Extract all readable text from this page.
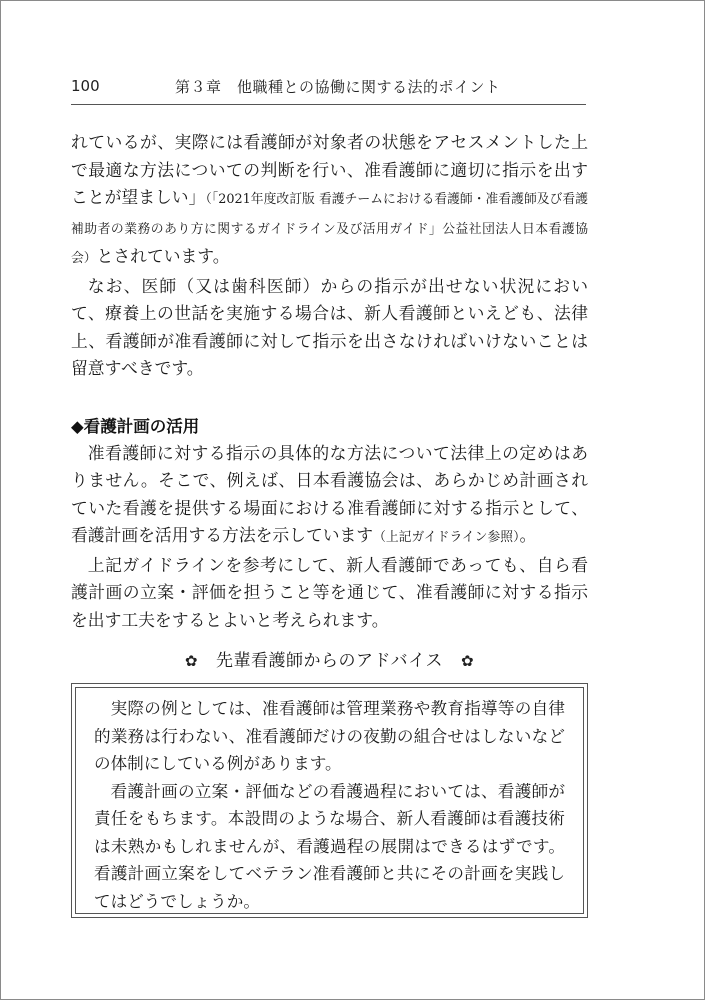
100	第３章　他職種との協働に関する法的ポイント

れているが、実際には看護師が対象者の状態をアセスメントした上で最適な方法についての判断を行い、准看護師に適切に指示を出すことが望ましい」（「2021年度改訂版 看護チームにおける看護師・准看護師及び看護補助者の業務のあり方に関するガイドライン及び活用ガイド」公益社団法人日本看護協会）とされています。

なお、医師（又は歯科医師）からの指示が出せない状況において、療養上の世話を実施する場合は、新人看護師といえども、法律上、看護師が准看護師に対して指示を出さなければいけないことは留意すべきです。

◆看護計画の活用

准看護師に対する指示の具体的な方法について法律上の定めはありません。そこで、例えば、日本看護協会は、あらかじめ計画されていた看護を提供する場面における准看護師に対する指示として、看護計画を活用する方法を示しています（上記ガイドライン参照）。

上記ガイドラインを参考にして、新人看護師であっても、自ら看護計画の立案・評価を担うこと等を通じて、准看護師に対する指示を出す工夫をするとよいと考えられます。

✿ 先輩看護師からのアドバイス ✿

実際の例としては、准看護師は管理業務や教育指導等の自律的業務は行わない、准看護師だけの夜勤の組合せはしないなどの体制にしている例があります。

看護計画の立案・評価などの看護過程においては、看護師が責任をもちます。本設問のような場合、新人看護師は看護技術は未熟かもしれませんが、看護過程の展開はできるはずです。看護計画立案をしてベテラン准看護師と共にその計画を実践してはどうでしょうか。
